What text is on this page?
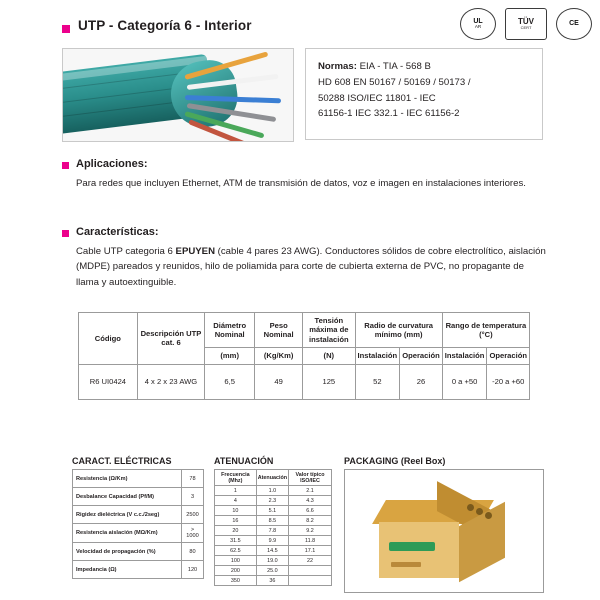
UTP - Categoría 6 - Interior	UL
AR
TÜV
CERT	CE
Normas: EIA - TIA - 568 B
HD 608 EN 50167 / 50169 / 50173 /
50288 ISO/IEC 11801 - IEC
61156-1 IEC 332.1 - IEC 61156-2
Aplicaciones:

Para redes que incluyen Ethernet, ATM de transmisión de datos, voz e imagen en instalaciones interiores.

Características:

Cable UTP categoria 6 EPUYEN (cable 4 pares 23 AWG). Conductores sólidos de cobre electrolítico, aislación (MDPE) pareados y reunidos, hilo de poliamida para corte de cubierta externa de PVC, no propagante de llama y autoextinguible.

Código	Descripción UTP cat. 6	Diámetro Nominal	Peso Nominal	Tensión máxima de instalación	Radio de curvatura mínimo (mm)		Rango de temperatura (°C)	
		(mm)	(Kg/Km)	(N)	Instalación	Operación	Instalación	Operación
R6 UI0424	4 x 2 x 23 AWG	6,5	49	125	52	26	0 a +50	-20 a +60
CARACT. ELÉCTRICAS
Resistencia (Ω/Km)	78
Desbalance Capacidad (Pf/M)	3
Rigidez dieléctrica (V c.c./2seg)	2500
Resistencia aislación (MΩ/Km)	> 1000
Velocidad de propagación (%)	80
Impedancia (Ω)	120
ATENUACIÓN
Frecuencia (Mhz)	Atenuación	Valor típico ISO/IEC
1	1.0	2.1
4	2.3	4.3
10	5.1	6.6
16	8.5	8.2
20	7.8	9.2
31.5	9.9	11.8
62.5	14.5	17.1
100	19.0	22
200	25.0	
350	36	
PACKAGING (Reel Box)
